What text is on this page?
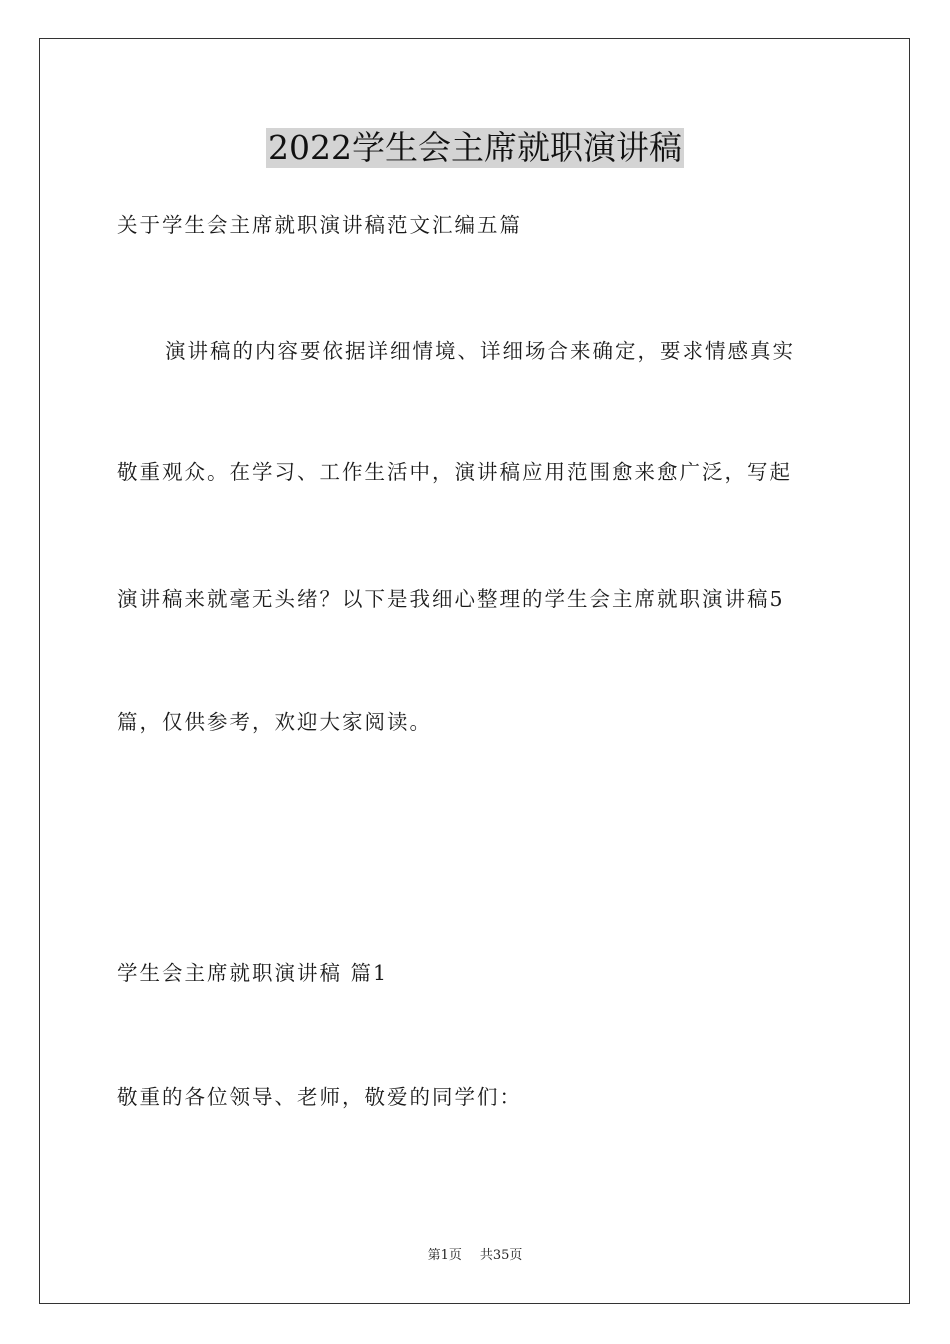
2022学生会主席就职演讲稿
关于学生会主席就职演讲稿范文汇编五篇
演讲稿的内容要依据详细情境、详细场合来确定，要求情感真实
敬重观众。在学习、工作生活中，演讲稿应用范围愈来愈广泛，写起
演讲稿来就毫无头绪？以下是我细心整理的学生会主席就职演讲稿5
篇，仅供参考，欢迎大家阅读。
学生会主席就职演讲稿 篇1
敬重的各位领导、老师，敬爱的同学们：
第1页 共35页
